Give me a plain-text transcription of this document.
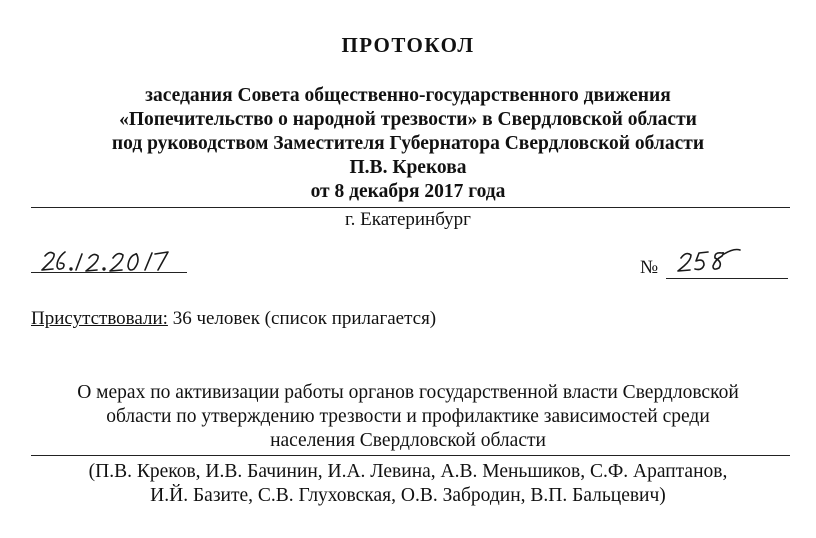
ПРОТОКОЛ
заседания Совета общественно-государственного движения
«Попечительство о народной трезвости» в Свердловской области
под руководством Заместителя Губернатора Свердловской области
П.В. Крекова
от 8 декабря 2017 года
г. Екатеринбург
№
Присутствовали: 36 человек (список прилагается)
О мерах по активизации работы органов государственной власти Свердловской
области по утверждению трезвости и профилактике зависимостей среди
населения Свердловской области
(П.В. Креков, И.В. Бачинин, И.А. Левина, А.В. Меньшиков, С.Ф. Араптанов,
И.Й. Базите, С.В. Глуховская, О.В. Забродин, В.П. Бальцевич)
